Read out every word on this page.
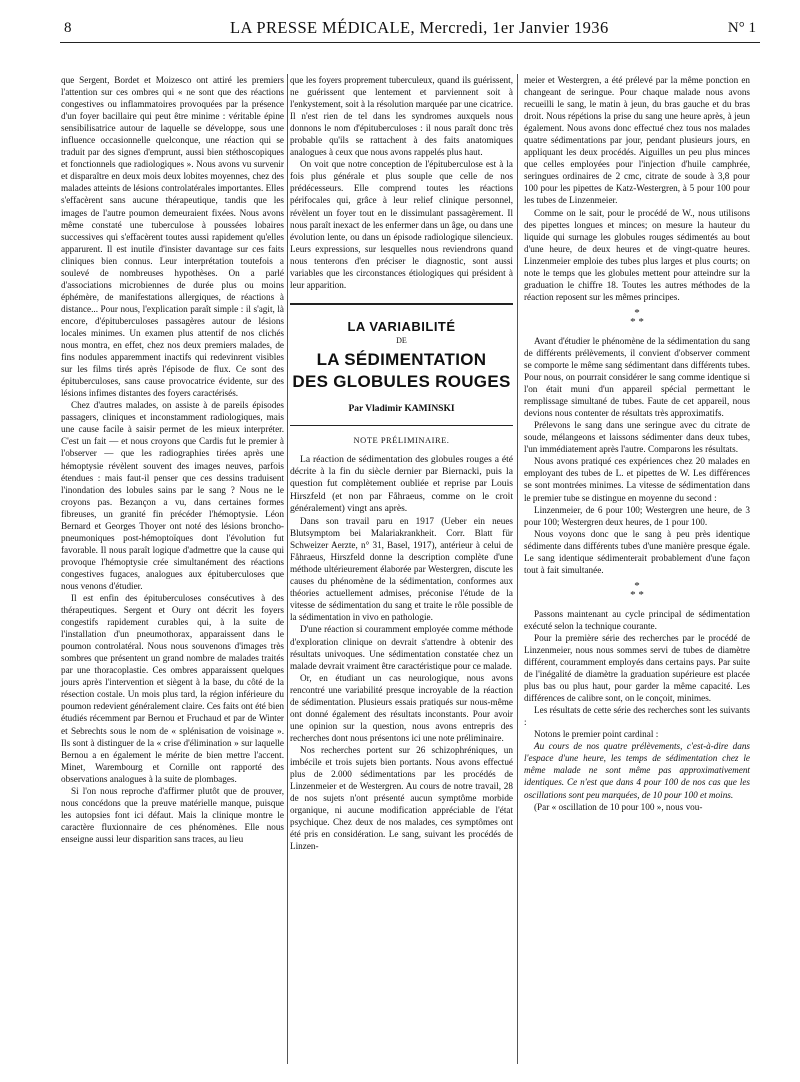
8	LA PRESSE MÉDICALE, Mercredi, 1er Janvier 1936	N° 1

que Sergent, Bordet et Moizesco ont attiré les premiers l'attention sur ces ombres qui « ne sont que des réactions congestives ou inflammatoires provoquées par la présence d'un foyer bacillaire qui peut être minime : véritable épine sensibilisatrice autour de laquelle se développe, sous une influence occasionnelle quelconque, une réaction qui se traduit par des signes d'emprunt, aussi bien stéthoscopiques et fonctionnels que radiologiques ». Nous avons vu survenir et disparaître en deux mois deux lobites moyennes, chez des malades atteints de lésions controlatérales importantes. Elles s'effacèrent sans aucune thérapeutique, tandis que les images de l'autre poumon demeuraient fixées. Nous avons même constaté une tuberculose à poussées lobaires successives qui s'effacèrent toutes aussi rapidement qu'elles apparurent. Il est inutile d'insister davantage sur ces faits cliniques bien connus. Leur interprétation toutefois a soulevé de nombreuses hypothèses. On a parlé d'associations microbiennes de durée plus ou moins éphémère, de manifestations allergiques, de réactions à distance... Pour nous, l'explication paraît simple : il s'agit, là encore, d'épituberculoses passagères autour de lésions locales minimes. Un examen plus attentif de nos clichés nous montra, en effet, chez nos deux premiers malades, de fins nodules apparemment inactifs qui redevinrent visibles sur les films tirés après l'épisode de flux. Ce sont des épituberculoses, sans cause provocatrice évidente, sur des lésions infimes distantes des foyers caractérisés.

Chez d'autres malades, on assiste à de pareils épisodes passagers, cliniques et inconstamment radiologiques, mais une cause facile à saisir permet de les mieux interpréter. C'est un fait — et nous croyons que Cardis fut le premier à l'observer — que les radiographies tirées après une hémoptysie révèlent souvent des images neuves, parfois étendues : mais faut-il penser que ces dessins traduisent l'inondation des lobules sains par le sang ? Nous ne le croyons pas. Bezançon a vu, dans certaines formes fibreuses, un granité fin précéder l'hémoptysie. Léon Bernard et Georges Thoyer ont noté des lésions broncho-pneumoniques post-hémoptoïques dont l'évolution fut favorable. Il nous paraît logique d'admettre que la cause qui provoque l'hémoptysie crée simultanément des réactions congestives fugaces, analogues aux épituberculoses que nous venons d'étudier.

Il est enfin des épituberculoses consécutives à des thérapeutiques. Sergent et Oury ont décrit les foyers congestifs rapidement curables qui, à la suite de l'installation d'un pneumothorax, apparaissent dans le poumon controlatéral. Nous nous souvenons d'images très sombres que présentent un grand nombre de malades traités par une thoracoplastie. Ces ombres apparaissent quelques jours après l'intervention et siègent à la base, du côté de la résection costale. Un mois plus tard, la région inférieure du poumon redevient généralement claire. Ces faits ont été bien étudiés récemment par Bernou et Fruchaud et par de Winter et Sebrechts sous le nom de « splénisation de voisinage ». Ils sont à distinguer de la « crise d'élimination » sur laquelle Bernou a en également le mérite de bien mettre l'accent. Minet, Warembourg et Cornille ont rapporté des observations analogues à la suite de plombages.

Si l'on nous reproche d'affirmer plutôt que de prouver, nous concédons que la preuve matérielle manque, puisque les autopsies font ici défaut. Mais la clinique montre le caractère fluxionnaire de ces phénomènes. Elle nous enseigne aussi leur disparition sans traces, au lieu

que les foyers proprement tuberculeux, quand ils guérissent, ne guérissent que lentement et parviennent soit à l'enkystement, soit à la résolution marquée par une cicatrice. Il n'est rien de tel dans les syndromes auxquels nous donnons le nom d'épituberculoses : il nous paraît donc très probable qu'ils se rattachent à des faits anatomiques analogues à ceux que nous avons rappelés plus haut.

On voit que notre conception de l'épituberculose est à la fois plus générale et plus souple que celle de nos prédécesseurs. Elle comprend toutes les réactions périfocales qui, grâce à leur relief clinique personnel, révèlent un foyer tout en le dissimulant passagèrement. Il nous paraît inexact de les enfermer dans un âge, ou dans une évolution lente, ou dans un épisode radiologique silencieux. Leurs expressions, sur lesquelles nous reviendrons quand nous tenterons d'en préciser le diagnostic, sont aussi variables que les circonstances étiologiques qui président à leur apparition.

LA VARIABILITÉ
DE
LA SÉDIMENTATION
DES GLOBULES ROUGES
Par Vladimir KAMINSKI
NOTE PRÉLIMINAIRE.

La réaction de sédimentation des globules rouges a été décrite à la fin du siècle dernier par Biernacki, puis la question fut complètement oubliée et reprise par Louis Hirszfeld (et non par Fåhraeus, comme on le croit généralement) vingt ans après.

Dans son travail paru en 1917 (Ueber ein neues Blutsymptom bei Malariakrankheit. Corr. Blatt für Schweizer Aerzte, n° 31, Basel, 1917), antérieur à celui de Fåhraeus, Hirszfeld donne la description complète d'une méthode ultérieurement élaborée par Westergren, discute les causes du phénomène de la sédimentation, conformes aux théories actuellement admises, préconise l'étude de la vitesse de sédimentation du sang et traite le rôle possible de la sédimentation in vivo en pathologie.

D'une réaction si couramment employée comme méthode d'exploration clinique on devrait s'attendre à obtenir des résultats univoques. Une sédimentation constatée chez un malade devrait vraiment être caractéristique pour ce malade.

Or, en étudiant un cas neurologique, nous avons rencontré une variabilité presque incroyable de la réaction de sédimentation. Plusieurs essais pratiqués sur nous-même ont donné également des résultats inconstants. Pour avoir une opinion sur la question, nous avons entrepris des recherches dont nous présentons ici une note préliminaire.

Nos recherches portent sur 26 schizophréniques, un imbécile et trois sujets bien portants. Nous avons effectué plus de 2.000 sédimentations par les procédés de Linzenmeier et de Westergren. Au cours de notre travail, 28 de nos sujets n'ont présenté aucun symptôme morbide organique, ni aucune modification appréciable de l'état psychique. Chez deux de nos malades, ces symptômes ont été pris en considération. Le sang, suivant les procédés de Linzen-

meier et Westergren, a été prélevé par la même ponction en changeant de seringue. Pour chaque malade nous avons recueilli le sang, le matin à jeun, du bras gauche et du bras droit. Nous répétions la prise du sang une heure après, à jeun également. Nous avons donc effectué chez tous nos malades quatre sédimentations par jour, pendant plusieurs jours, en appliquant les deux procédés. Aiguilles un peu plus minces que celles employées pour l'injection d'huile camphrée, seringues ordinaires de 2 cmc, citrate de soude à 3,8 pour 100 pour les pipettes de Katz-Westergren, à 5 pour 100 pour les tubes de Linzenmeier.

Comme on le sait, pour le procédé de W., nous utilisons des pipettes longues et minces; on mesure la hauteur du liquide qui surnage les globules rouges sédimentés au bout d'une heure, de deux heures et de vingt-quatre heures. Linzenmeier emploie des tubes plus larges et plus courts; on note le temps que les globules mettent pour atteindre sur la graduation le chiffre 18. Toutes les autres méthodes de la réaction reposent sur les mêmes principes.

*
* *

Avant d'étudier le phénomène de la sédimentation du sang de différents prélèvements, il convient d'observer comment se comporte le même sang sédimentant dans différents tubes. Pour nous, on pourrait considérer le sang comme identique si l'on était muni d'un appareil spécial permettant le remplissage simultané de tubes. Faute de cet appareil, nous devions nous contenter de résultats très approximatifs.

Prélevons le sang dans une seringue avec du citrate de soude, mélangeons et laissons sédimenter dans deux tubes, l'un immédiatement après l'autre. Comparons les résultats.

Nous avons pratiqué ces expériences chez 20 malades en employant des tubes de L. et pipettes de W. Les différences se sont montrées minimes. La vitesse de sédimentation dans le premier tube se distingue en moyenne du second :

Linzenmeier, de 6 pour 100; Westergren une heure, de 3 pour 100; Westergren deux heures, de 1 pour 100.

Nous voyons donc que le sang à peu près identique sédimente dans différents tubes d'une manière presque égale. Le sang identique sédimenterait probablement d'une façon tout à fait simultanée.

*
* *

Passons maintenant au cycle principal de sédimentation exécuté selon la technique courante.

Pour la première série des recherches par le procédé de Linzenmeier, nous nous sommes servi de tubes de diamètre différent, couramment employés dans certains pays. Par suite de l'inégalité de diamètre la graduation supérieure est placée plus bas ou plus haut, pour garder la même capacité. Les différences de calibre sont, on le conçoit, minimes.

Les résultats de cette série des recherches sont les suivants :

Notons le premier point cardinal :

Au cours de nos quatre prélèvements, c'est-à-dire dans l'espace d'une heure, les temps de sédimentation chez le même malade ne sont même pas approximativement identiques. Ce n'est que dans 4 pour 100 de nos cas que les oscillations sont peu marquées, de 10 pour 100 et moins.

(Par « oscillation de 10 pour 100 », nous vou-
